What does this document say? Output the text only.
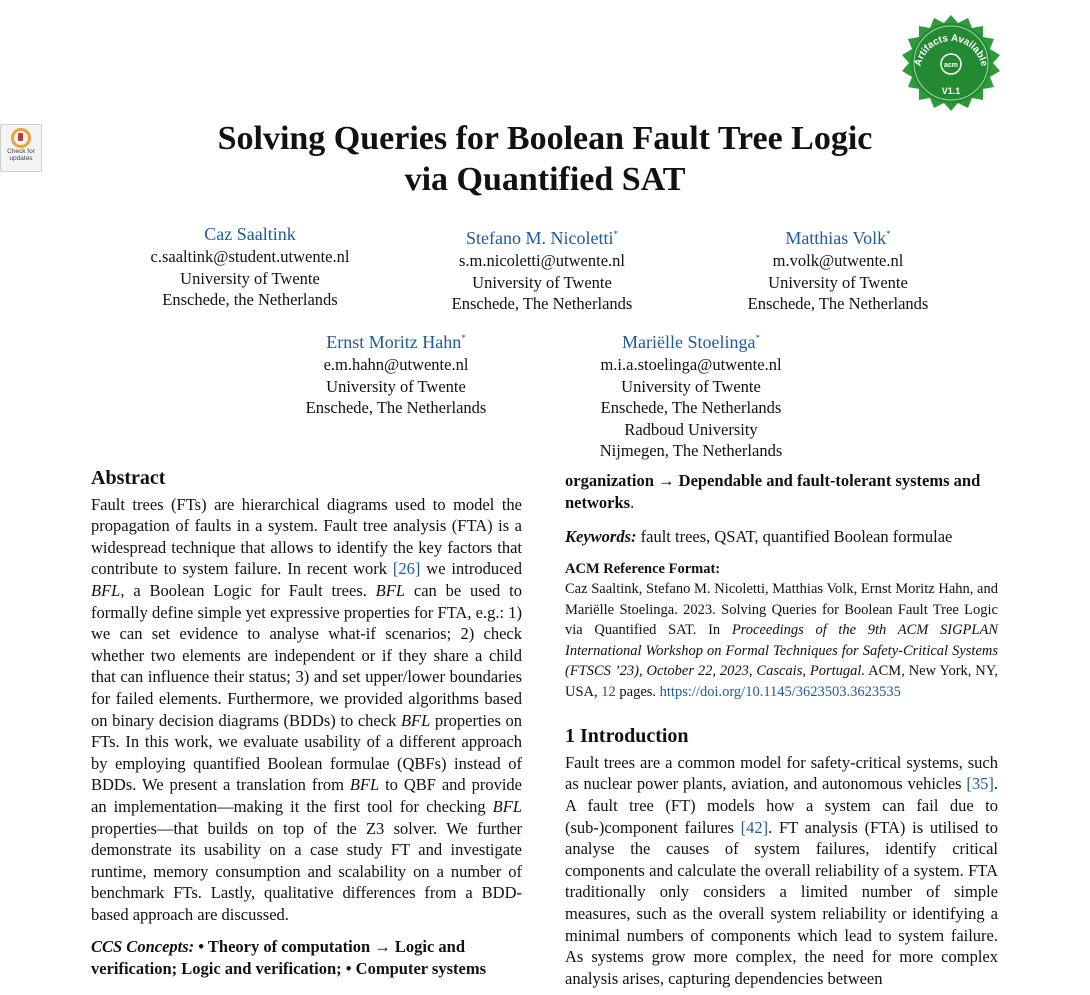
Check for
updates
Artifacts Available
acm
V1.1
Solving Queries for Boolean Fault Tree Logic
via Quantified SAT
Caz Saaltink
c.saaltink@student.utwente.nl
University of Twente
Enschede, the Netherlands
Stefano M. Nicoletti*
s.m.nicoletti@utwente.nl
University of Twente
Enschede, The Netherlands
Matthias Volk*
m.volk@utwente.nl
University of Twente
Enschede, The Netherlands
Ernst Moritz Hahn*
e.m.hahn@utwente.nl
University of Twente
Enschede, The Netherlands
Mariëlle Stoelinga*
m.i.a.stoelinga@utwente.nl
University of Twente
Enschede, The Netherlands
Radboud University
Nijmegen, The Netherlands
Abstract
Fault trees (FTs) are hierarchical diagrams used to model the propagation of faults in a system. Fault tree analysis (FTA) is a widespread technique that allows to identify the key factors that contribute to system failure. In recent work [26] we introduced BFL, a Boolean Logic for Fault trees. BFL can be used to formally define simple yet expressive properties for FTA, e.g.: 1) we can set evidence to analyse what-if scenarios; 2) check whether two elements are independent or if they share a child that can influence their status; 3) and set upper/lower boundaries for failed elements. Furthermore, we provided algorithms based on binary decision diagrams (BDDs) to check BFL properties on FTs. In this work, we evaluate usability of a different approach by employing quantified Boolean formulae (QBFs) instead of BDDs. We present a translation from BFL to QBF and provide an implementation—making it the first tool for checking BFL properties—that builds on top of the Z3 solver. We further demonstrate its usability on a case study FT and investigate runtime, memory consumption and scalability on a number of benchmark FTs. Lastly, qualitative differences from a BDD-based approach are discussed.
CCS Concepts: • Theory of computation → Logic and verification; Logic and verification; • Computer systems
organization → Dependable and fault-tolerant systems and networks.
Keywords: fault trees, QSAT, quantified Boolean formulae
ACM Reference Format:
Caz Saaltink, Stefano M. Nicoletti, Matthias Volk, Ernst Moritz Hahn, and Mariëlle Stoelinga. 2023. Solving Queries for Boolean Fault Tree Logic via Quantified SAT. In Proceedings of the 9th ACM SIGPLAN International Workshop on Formal Techniques for Safety-Critical Systems (FTSCS ’23), October 22, 2023, Cascais, Portugal. ACM, New York, NY, USA, 12 pages. https://doi.org/10.1145/3623503.3623535
1 Introduction
Fault trees are a common model for safety-critical systems, such as nuclear power plants, aviation, and autonomous vehicles [35]. A fault tree (FT) models how a system can fail due to (sub-)component failures [42]. FT analysis (FTA) is utilised to analyse the causes of system failures, identify critical components and calculate the overall reliability of a system. FTA traditionally only considers a limited number of simple measures, such as the overall system reliability or identifying a minimal numbers of components which lead to system failure. As systems grow more complex, the need for more complex analysis arises, capturing dependencies between
